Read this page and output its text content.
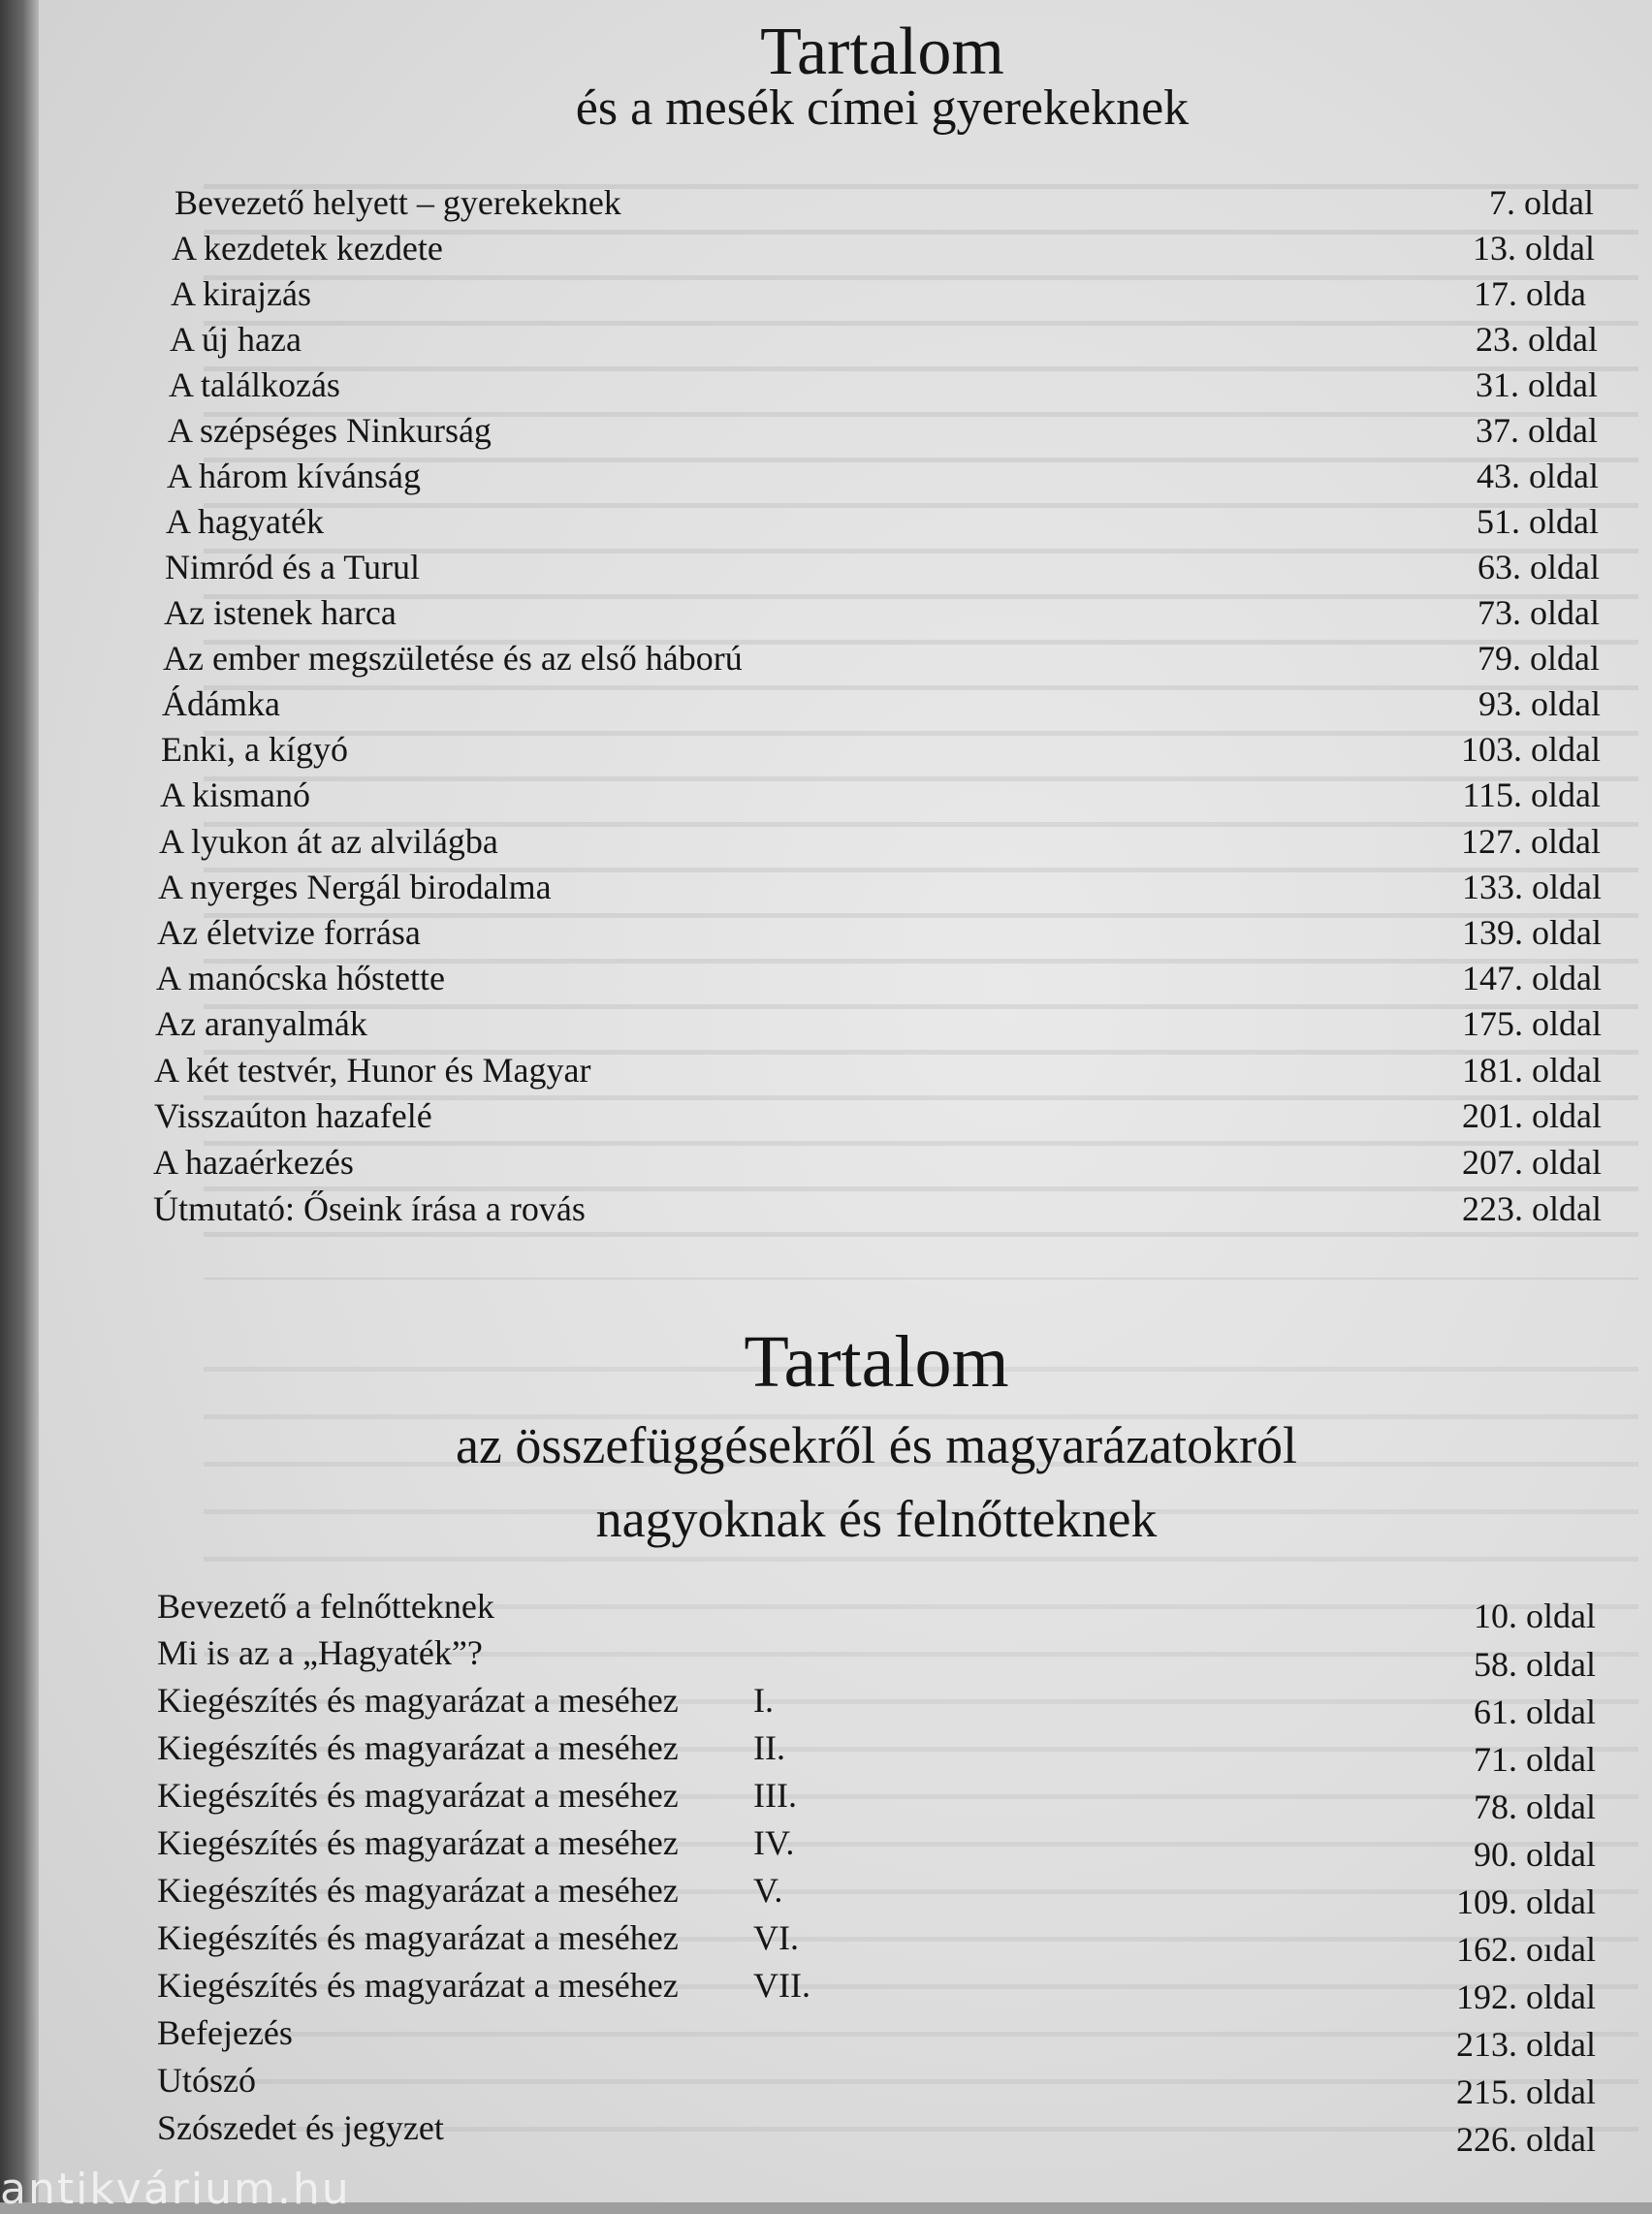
Tartalom
és a mesék címei gyerekeknek
Bevezető helyett – gyerekeknek	7. oldal
A kezdetek kezdete	13. oldal
A kirajzás	17. olda
A új haza	23. oldal
A találkozás	31. oldal
A szépséges Ninkurság	37. oldal
A három kívánság	43. oldal
A hagyaték	51. oldal
Nimród és a Turul	63. oldal
Az istenek harca	73. oldal
Az ember megszületése és az első háború	79. oldal
Ádámka	93. oldal
Enki, a kígyó	103. oldal
A kismanó	115. oldal
A lyukon át az alvilágba	127. oldal
A nyerges Nergál birodalma	133. oldal
Az életvize forrása	139. oldal
A manócska hőstette	147. oldal
Az aranyalmák	175. oldal
A két testvér, Hunor és Magyar	181. oldal
Visszaúton hazafelé	201. oldal
A hazaérkezés	207. oldal
Útmutató: Őseink írása a rovás	223. oldal
Tartalom
az összefüggésekről és magyarázatokról
nagyoknak és felnőtteknek
Bevezető a felnőtteknek	10. oldal
Mi is az a „Hagyaték”?	58. oldal
Kiegészítés és magyarázat a meséhez I.	61. oldal
Kiegészítés és magyarázat a meséhez II.	71. oldal
Kiegészítés és magyarázat a meséhez III.	78. oldal
Kiegészítés és magyarázat a meséhez IV.	90. oldal
Kiegészítés és magyarázat a meséhez V.	109. oldal
Kiegészítés és magyarázat a meséhez VI.	162. oıdal
Kiegészítés és magyarázat a meséhez VII.	192. oldal
Befejezés	213. oldal
Utószó	215. oldal
Szószedet és jegyzet	226. oldal
antikvárium.hu
